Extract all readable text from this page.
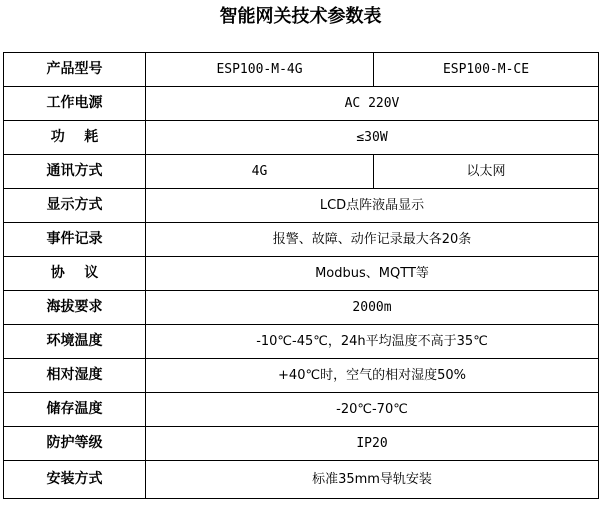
智能网关技术参数表
产品型号	ESP100-M-4G	ESP100-M-CE
工作电源	AC 220V	
功    耗	≤30W	
通讯方式	4G	以太网
显示方式	LCD点阵液晶显示	
事件记录	报警、故障、动作记录最大各20条	
协    议	Modbus、MQTT等	
海拔要求	2000m	
环境温度	-10℃-45℃，24h平均温度不高于35℃	
相对湿度	+40℃时，空气的相对湿度50%	
储存温度	-20℃-70℃	
防护等级	IP20	
安装方式	标准35mm导轨安装	
